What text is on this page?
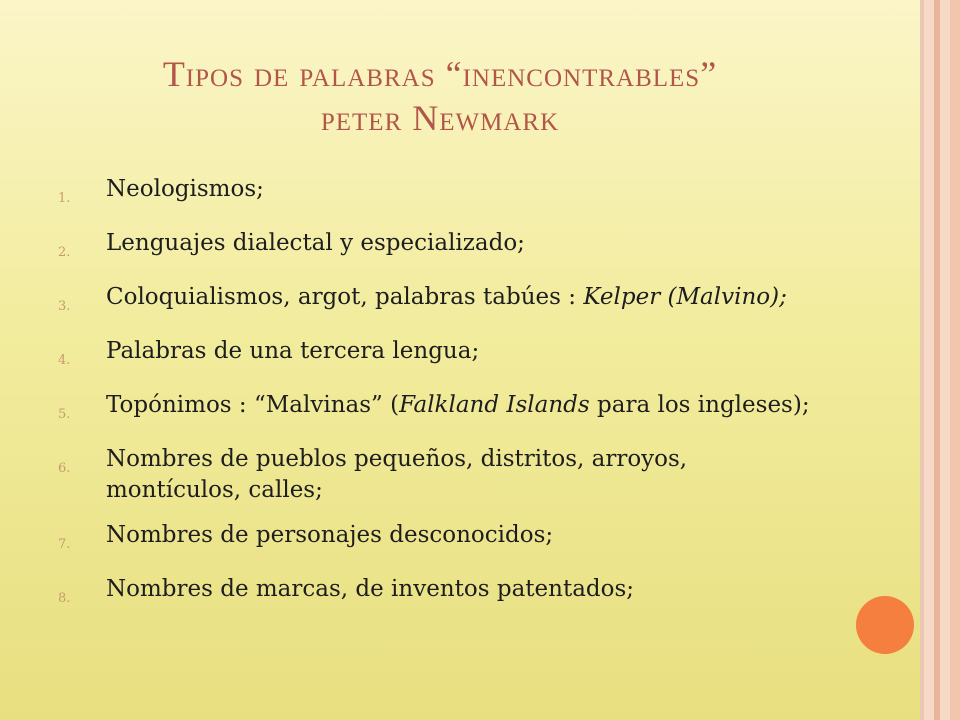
Tipos de palabras “inencontrables”
peter Newmark
1.	Neologismos;
2.	Lenguajes dialectal y especializado;
3.	Coloquialismos, argot, palabras tabúes : Kelper (Malvino);
4.	Palabras de una tercera lengua;
5.	Topónimos : “Malvinas” (Falkland Islands para los ingleses);
6.	Nombres de pueblos pequeños, distritos, arroyos, montículos, calles;
7.	Nombres de personajes desconocidos;
8.	Nombres de marcas, de inventos patentados;
